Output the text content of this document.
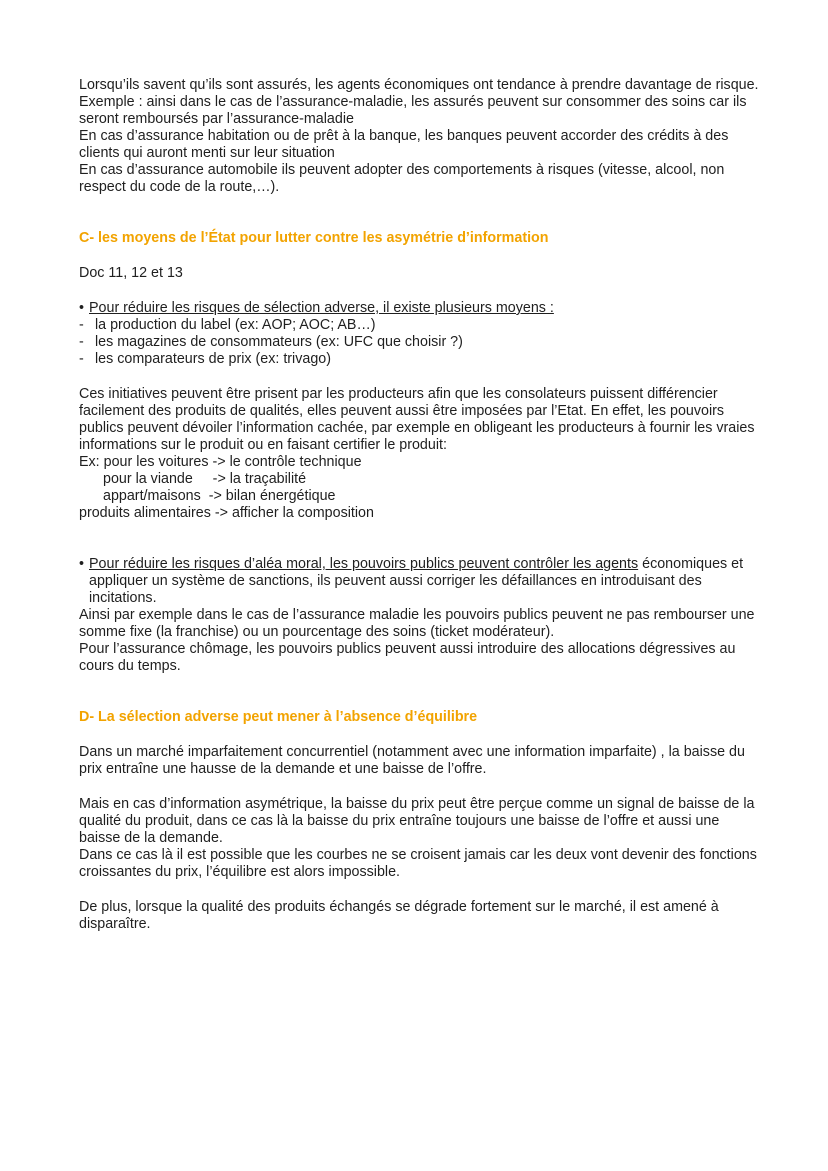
Lorsqu’ils savent qu’ils sont assurés, les agents économiques ont tendance à prendre davantage de risque.

Exemple : ainsi dans le cas de l’assurance-maladie, les assurés peuvent sur consommer des soins car ils seront remboursés par l’assurance-maladie

En cas d’assurance habitation ou de prêt à la banque, les banques peuvent accorder des crédits à des clients qui auront menti sur leur situation

En cas d’assurance automobile ils peuvent adopter des comportements à risques (vitesse, alcool, non respect du code de la route,…).

C- les moyens de l’État pour lutter contre les asymétrie d’information

Doc 11, 12 et 13

• Pour réduire les risques de sélection adverse, il existe plusieurs moyens :
- la production du label (ex: AOP; AOC; AB…)
- les magazines de consommateurs (ex: UFC que choisir ?)
- les comparateurs de prix (ex: trivago)

Ces initiatives peuvent être prisent par les producteurs afin que les consolateurs puissent différencier facilement des produits de qualités, elles peuvent aussi être imposées par l’Etat. En effet, les pouvoirs publics peuvent dévoiler l’information cachée, par exemple en obligeant les producteurs à fournir les vraies informations sur le produit ou en faisant certifier le produit:

Ex: pour les voitures -> le contrôle technique

pour la viande     -> la traçabilité

appart/maisons  -> bilan énergétique

produits alimentaires -> afficher la composition

• Pour réduire les risques d’aléa moral, les pouvoirs publics peuvent contrôler les agents économiques et appliquer un système de sanctions, ils peuvent aussi corriger les défaillances en introduisant des incitations.

Ainsi par exemple dans le cas de l’assurance maladie les pouvoirs publics peuvent ne pas rembourser une somme fixe (la franchise) ou un pourcentage des soins (ticket modérateur).

Pour l’assurance chômage, les pouvoirs publics peuvent aussi introduire des allocations dégressives au cours du temps.

D- La sélection adverse peut mener à l’absence d’équilibre

Dans un marché imparfaitement concurrentiel (notamment avec une information imparfaite) , la baisse du prix entraîne une hausse de la demande et une baisse de l’offre.

Mais en cas d’information asymétrique, la baisse du prix peut être perçue comme un signal de baisse de la qualité du produit, dans ce cas là la baisse du prix entraîne toujours une baisse de l’offre et aussi une baisse de la demande.

Dans ce cas là il est possible que les courbes ne se croisent jamais car les deux vont devenir des fonctions croissantes du prix, l’équilibre est alors impossible.

De plus, lorsque la qualité des produits échangés se dégrade fortement sur le marché, il est amené à disparaître.
